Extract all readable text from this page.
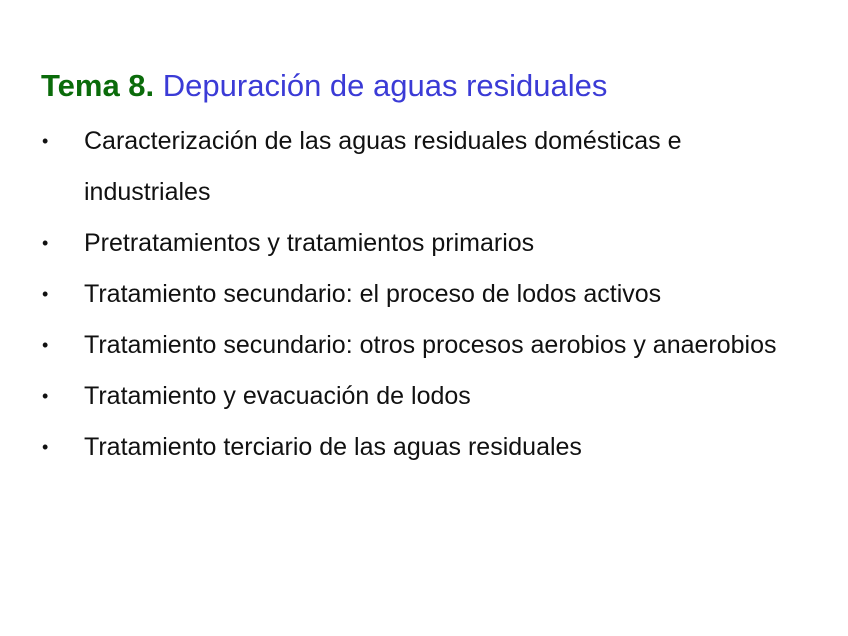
Tema 8. Depuración de aguas residuales
• Caracterización de las aguas residuales domésticas e industriales
• Pretratamientos y tratamientos primarios
• Tratamiento secundario: el proceso de lodos activos
• Tratamiento secundario: otros procesos aerobios y anaerobios
• Tratamiento y evacuación de lodos
• Tratamiento terciario de las aguas residuales
